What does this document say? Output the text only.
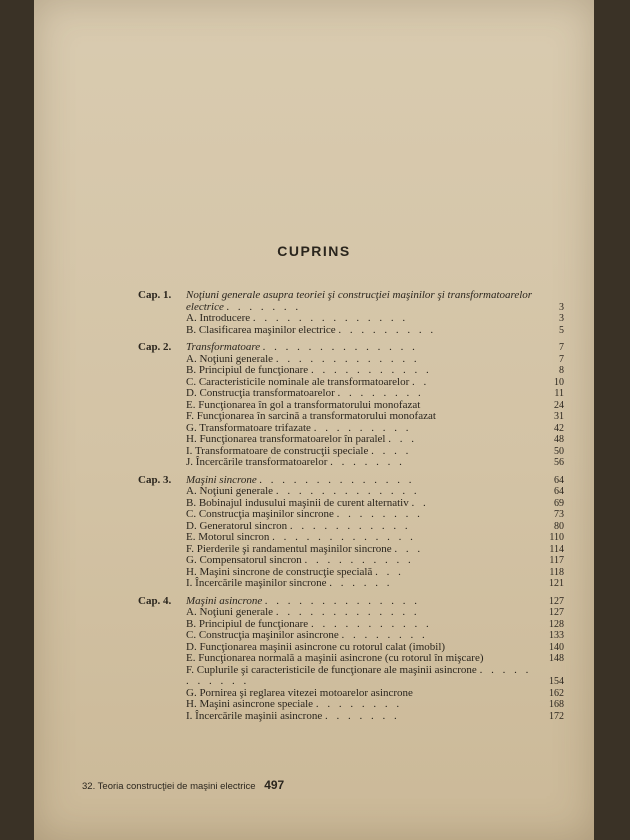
CUPRINS
Cap. 1. Noţiuni generale asupra teoriei şi construcţiei maşinilor şi transformatoarelor electrice . . . . . . .	3
A. Introducere . . . . . . . . . . . . . .	3
B. Clasificarea maşinilor electrice . . . . . . . . .	5
Cap. 2. Transformatoare . . . . . . . . . . . . . .	7
A. Noţiuni generale . . . . . . . . . . . . .	7
B. Principiul de funcţionare . . . . . . . . . . .	8
C. Caracteristicile nominale ale transformatoarelor . .	10
D. Construcţia transformatoarelor . . . . . . . .	11
E. Funcţionarea în gol a transformatorului monofazat	24
F. Funcţionarea în sarcină a transformatorului monofazat	31
G. Transformatoare trifazate . . . . . . . . .	42
H. Funcţionarea transformatoarelor în paralel . . .	48
I. Transformatoare de construcţii speciale . . . .	50
J. Încercările transformatoarelor . . . . . . .	56
Cap. 3. Maşini sincrone . . . . . . . . . . . . . .	64
A. Noţiuni generale . . . . . . . . . . . . .	64
B. Bobinajul indusului maşinii de curent alternativ . .	69
C. Construcţia maşinilor sincrone . . . . . . . .	73
D. Generatorul sincron . . . . . . . . . . .	80
E. Motorul sincron . . . . . . . . . . . . .	110
F. Pierderile şi randamentul maşinilor sincrone . . .	114
G. Compensatorul sincron . . . . . . . . . .	117
H. Maşini sincrone de construcţie specială . . .	118
I. Încercările maşinilor sincrone . . . . . .	121
Cap. 4. Maşini asincrone . . . . . . . . . . . . . .	127
A. Noţiuni generale . . . . . . . . . . . . .	127
B. Principiul de funcţionare . . . . . . . . . . .	128
C. Construcţia maşinilor asincrone . . . . . . . .	133
D. Funcţionarea maşinii asincrone cu rotorul calat (imobil)	140
E. Funcţionarea normală a maşinii asincrone (cu rotorul în mişcare)	148
F. Cuplurile şi caracteristicile de funcţionare ale maşinii asincrone . . . . . . . . . . .	154
G. Pornirea şi reglarea vitezei motoarelor asincrone	162
H. Maşini asincrone speciale . . . . . . . .	168
I. Încercările maşinii asincrone . . . . . . .	172
32. Teoria construcţiei de maşini electrice 497
